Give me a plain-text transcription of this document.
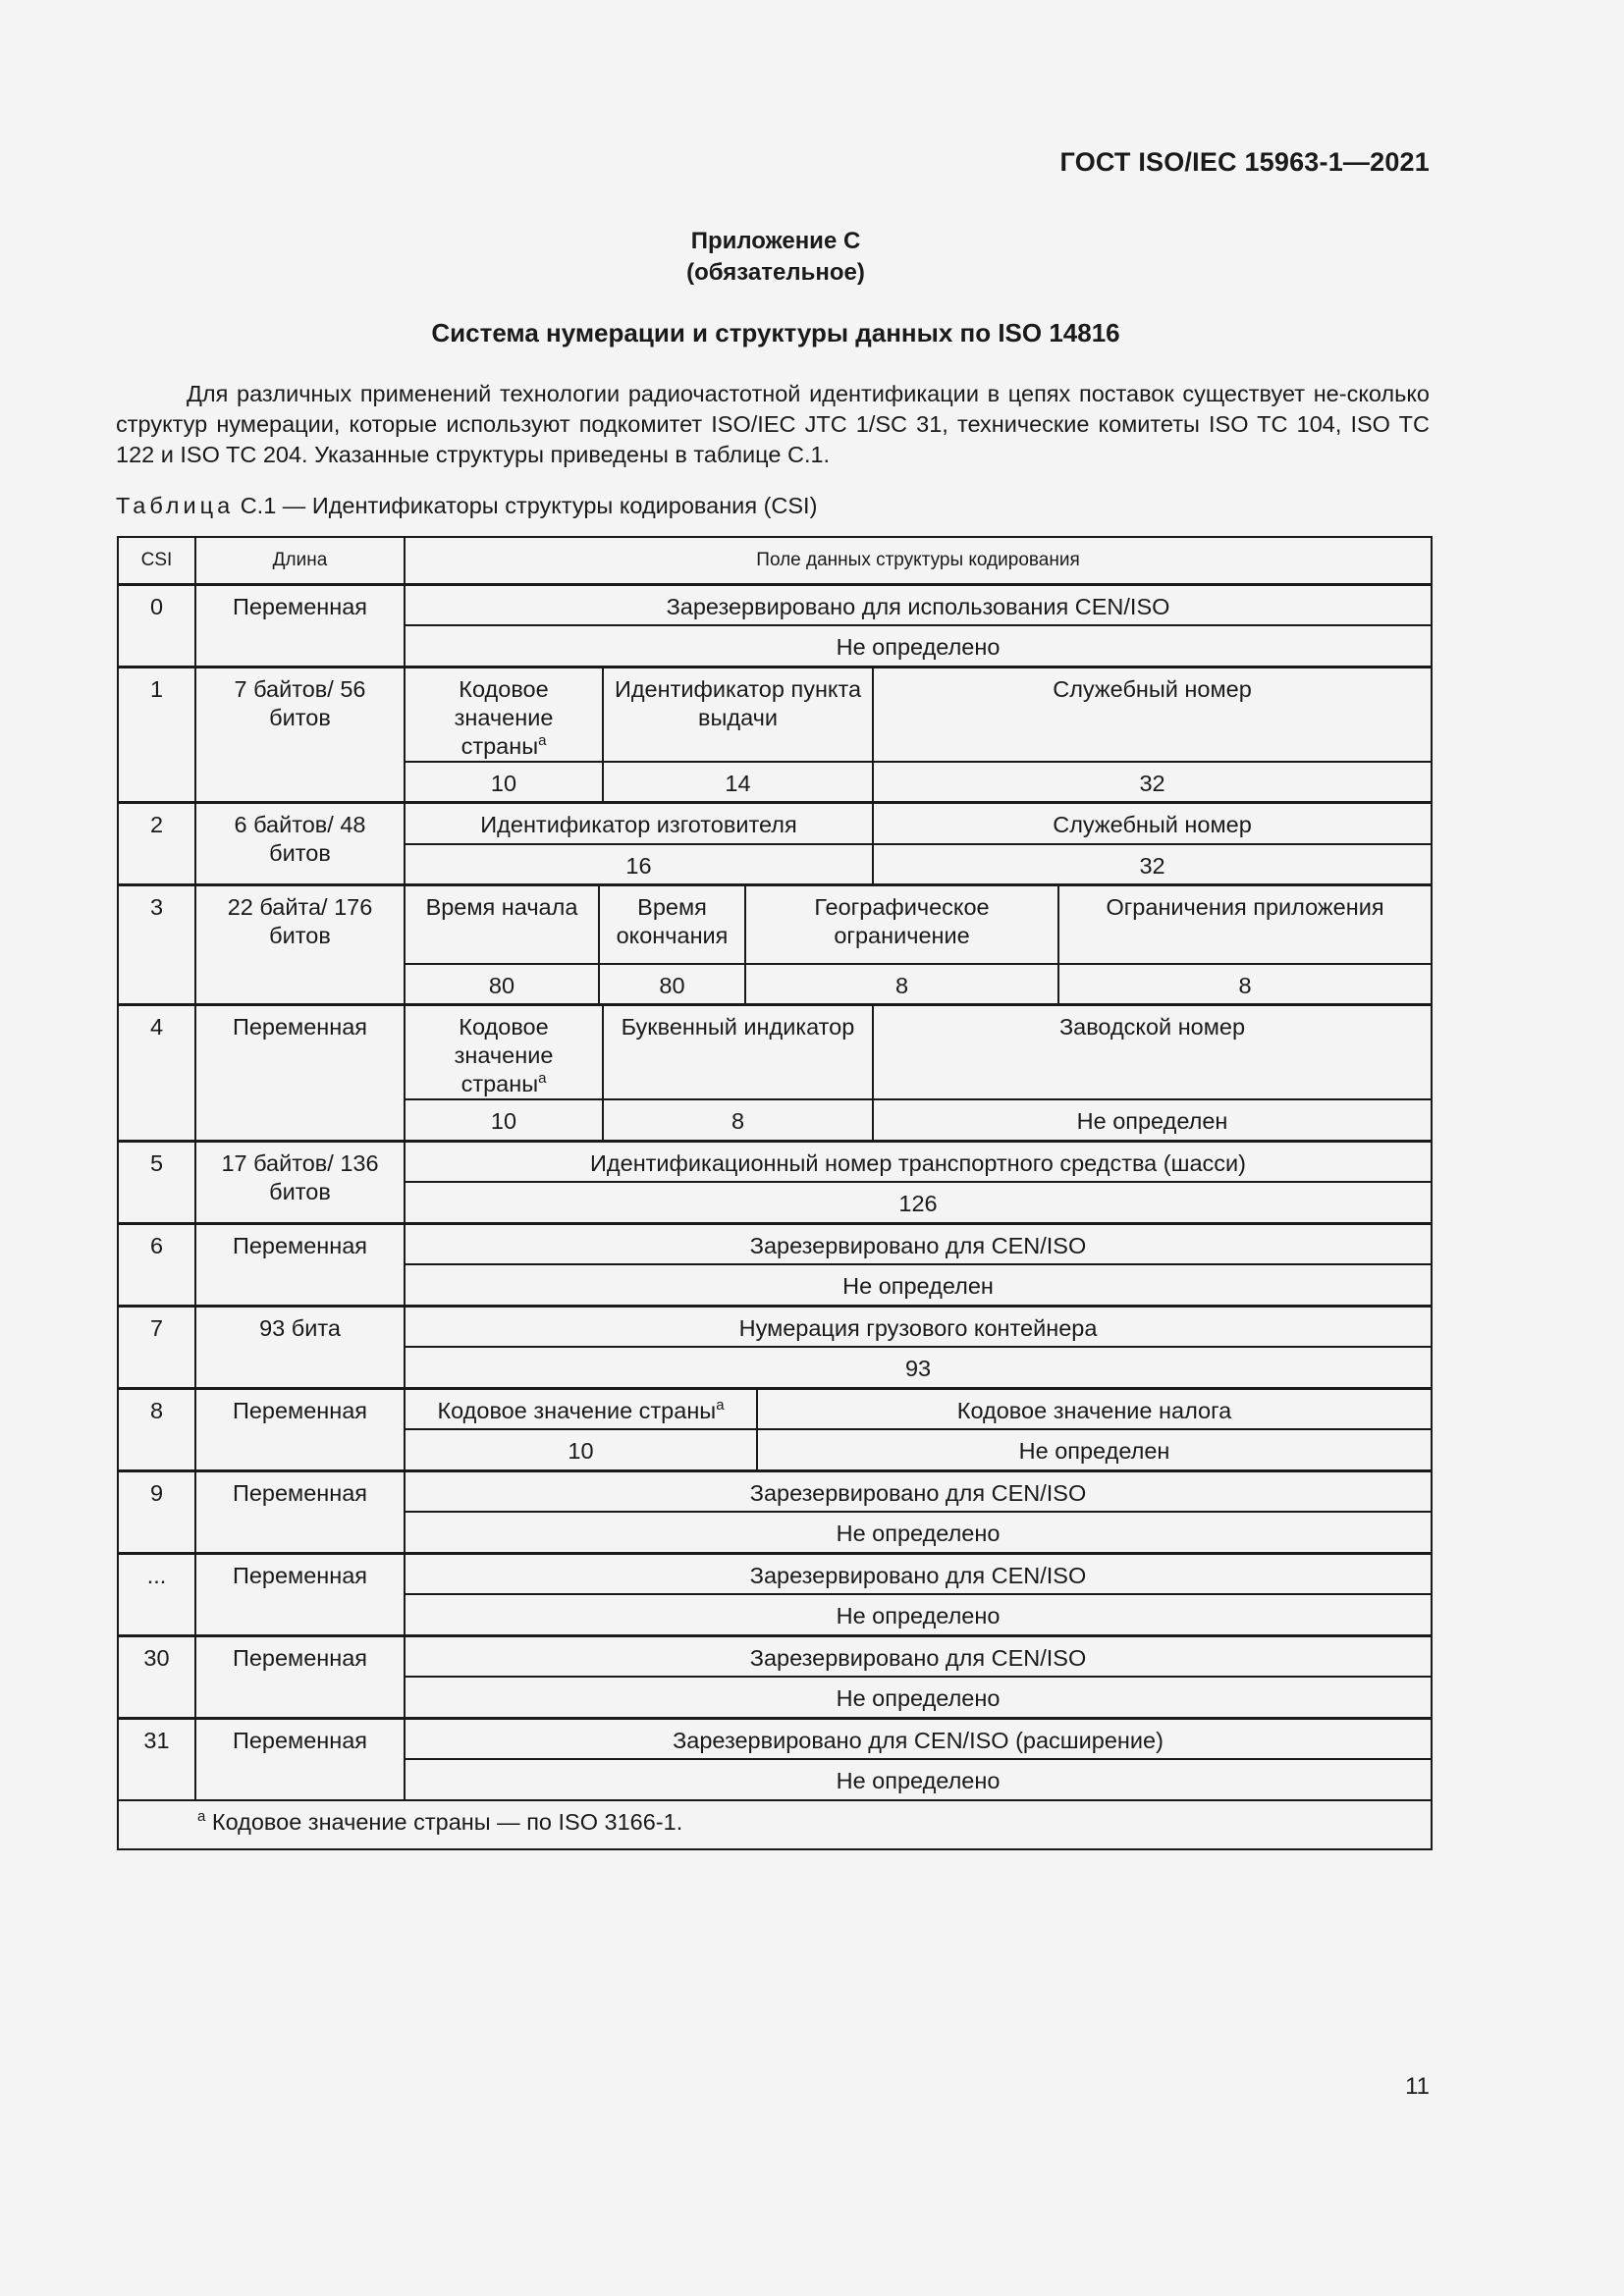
ГОСТ ISO/IEC 15963-1—2021
Приложение С
(обязательное)
Система нумерации и структуры данных по ISO 14816

Для различных применений технологии радиочастотной идентификации в цепях поставок существует не-сколько структур нумерации, которые используют подкомитет ISO/IEC JTC 1/SC 31, технические комитеты ISO TC 104, ISO TC 122 и ISO TC 204. Указанные структуры приведены в таблице С.1.

Таблица С.1 — Идентификаторы структуры кодирования (CSI)
CSI	Длина	Поле данных структуры кодирования						
0	Переменная	Зарезервировано для использования CEN/ISO						
		Не определено						
1	7 байтов/ 56 битов	Кодовое значение страны$^a$		Идентификатор пункта выдачи			Служебный номер	
		10		14			32	
2	6 байтов/ 48 битов	Идентификатор изготовителя					Служебный номер	
		16					32	
3	22 байта/ 176 битов	Время начала	Время окончания		Географическое ограничение			Ограничения приложения
		80	80		8			8
4	Переменная	Кодовое значение страны$^a$		Буквенный индикатор			Заводской номер	
		10		8			Не определен	
5	17 байтов/ 136 битов	Идентификационный номер транспортного средства (шасси)						
		126						
6	Переменная	Зарезервировано для CEN/ISO						
		Не определен						
7	93 бита	Нумерация грузового контейнера						
		93						
8	Переменная	Кодовое значение страны$^a$				Кодовое значение налога		
		10				Не определен		
9	Переменная	Зарезервировано для CEN/ISO						
		Не определено						
...	Переменная	Зарезервировано для CEN/ISO						
		Не определено						
30	Переменная	Зарезервировано для CEN/ISO						
		Не определено						
31	Переменная	Зарезервировано для CEN/ISO (расширение)						
		Не определено						
$^a$ Кодовое значение страны — по ISO 3166-1.								
11
